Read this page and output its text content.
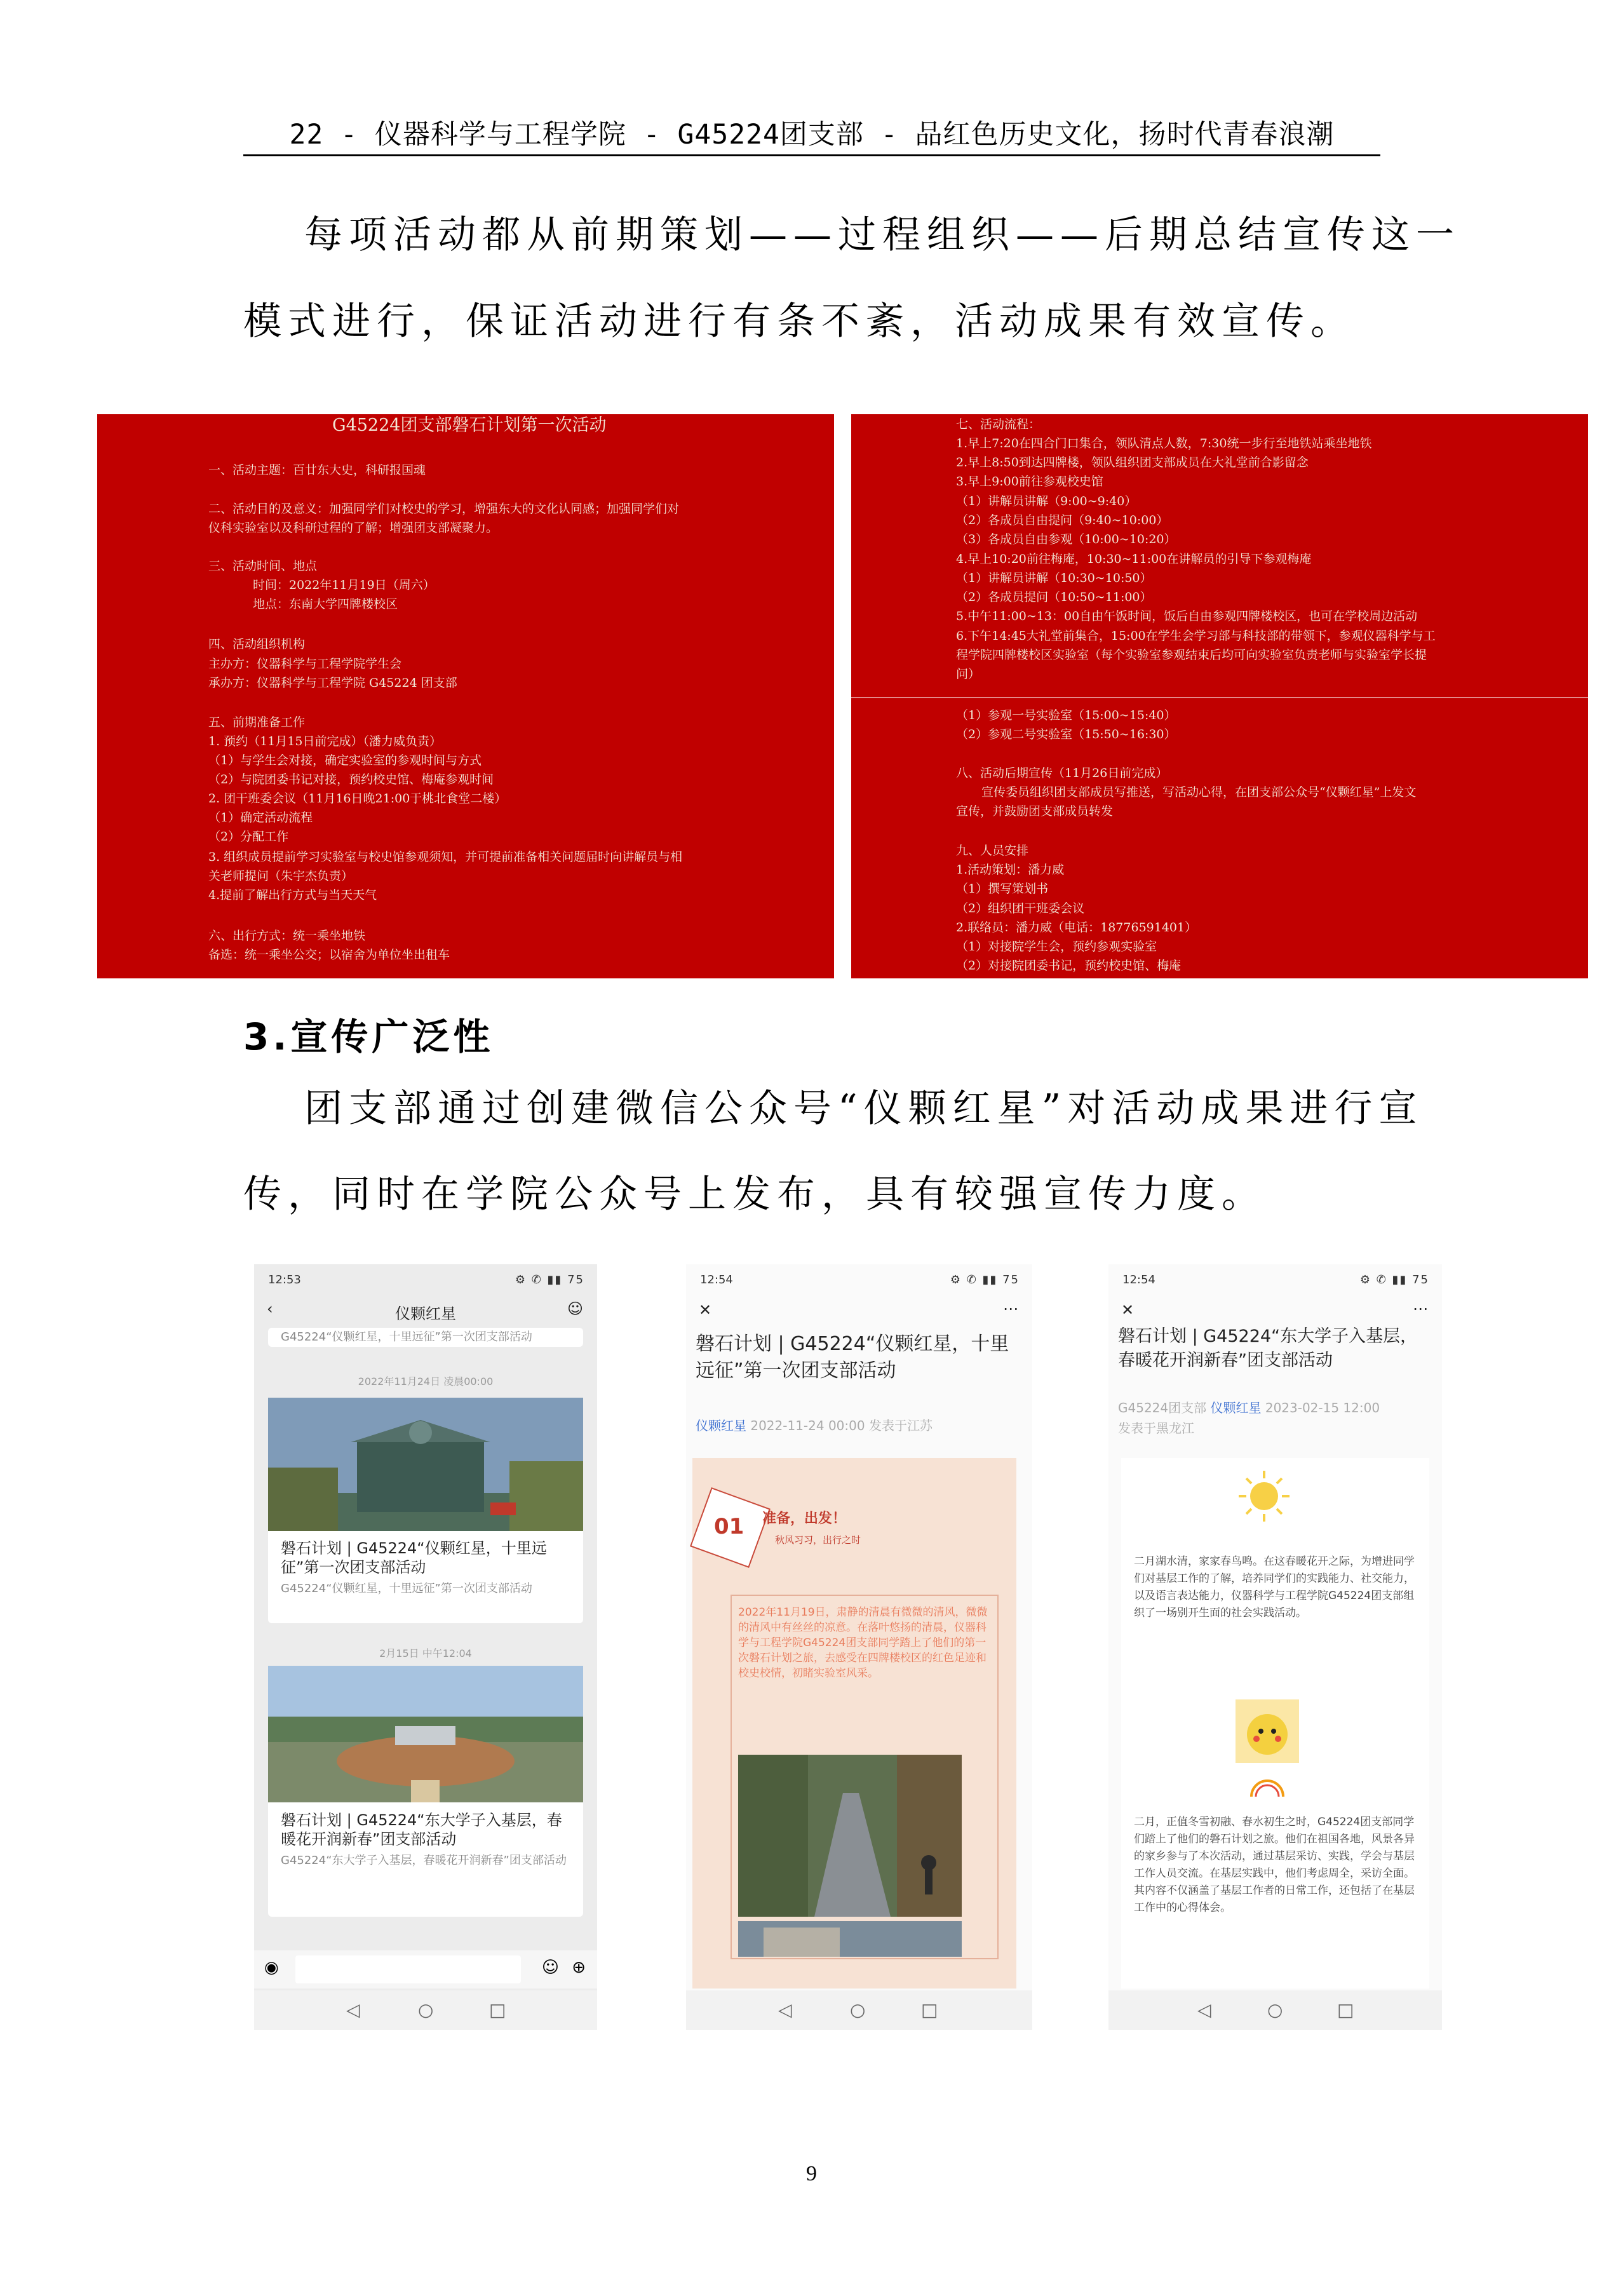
22 - 仪器科学与工程学院 - G45224团支部 - 品红色历史文化，扬时代青春浪潮
每项活动都从前期策划——过程组织——后期总结宣传这一
模式进行，保证活动进行有条不紊，活动成果有效宣传。
G45224团支部磐石计划第一次活动
一、活动主题：百廿东大史，科研报国魂
二、活动目的及意义：加强同学们对校史的学习，增强东大的文化认同感；加强同学们对
仪科实验室以及科研过程的了解；增强团支部凝聚力。
三、活动时间、地点
时间：2022年11月19日（周六）
地点：东南大学四牌楼校区
四、活动组织机构
主办方：仪器科学与工程学院学生会
承办方：仪器科学与工程学院 G45224 团支部
五、前期准备工作
1. 预约（11月15日前完成）（潘力威负责）
（1）与学生会对接，确定实验室的参观时间与方式
（2）与院团委书记对接，预约校史馆、梅庵参观时间
2. 团干班委会议（11月16日晚21:00于桃北食堂二楼）
（1）确定活动流程
（2）分配工作
3. 组织成员提前学习实验室与校史馆参观须知，并可提前准备相关问题届时向讲解员与相
关老师提问（朱宇杰负责）
4.提前了解出行方式与当天天气
六、出行方式：统一乘坐地铁
备选：统一乘坐公交；以宿舍为单位坐出租车
七、活动流程：
1.早上7:20在四合门口集合，领队清点人数，7:30统一步行至地铁站乘坐地铁
2.早上8:50到达四牌楼，领队组织团支部成员在大礼堂前合影留念
3.早上9:00前往参观校史馆
（1）讲解员讲解（9:00~9:40）
（2）各成员自由提问（9:40~10:00）
（3）各成员自由参观（10:00~10:20）
4.早上10:20前往梅庵，10:30~11:00在讲解员的引导下参观梅庵
（1）讲解员讲解（10:30~10:50）
（2）各成员提问（10:50~11:00）
5.中午11:00~13：00自由午饭时间，饭后自由参观四牌楼校区，也可在学校周边活动
6.下午14:45大礼堂前集合，15:00在学生会学习部与科技部的带领下，参观仪器科学与工
程学院四牌楼校区实验室（每个实验室参观结束后均可向实验室负责老师与实验室学长提
问）
（1）参观一号实验室（15:00~15:40）
（2）参观二号实验室（15:50~16:30）
八、活动后期宣传（11月26日前完成）
宣传委员组织团支部成员写推送，写活动心得，在团支部公众号“仪颗红星”上发文
宣传，并鼓励团支部成员转发
九、人员安排
1.活动策划：潘力威
（1）撰写策划书
（2）组织团干班委会议
2.联络员：潘力威（电话：18776591401）
（1）对接院学生会，预约参观实验室
（2）对接院团委书记，预约校史馆、梅庵
3.宣传广泛性
团支部通过创建微信公众号“仪颗红星”对活动成果进行宣
传，同时在学院公众号上发布，具有较强宣传力度。
12:53	⚙ ✆ ▮▮ 75
‹	仪颗红星	☺
G45224“仪颗红星，十里远征”第一次团支部活动
2022年11月24日 凌晨00:00
磐石计划 | G45224“仪颗红星，十里远征”第一次团支部活动
G45224“仪颗红星，十里远征”第一次团支部活动
2月15日 中午12:04
磐石计划 | G45224“东大学子入基层，春暖花开润新春”团支部活动
G45224“东大学子入基层，春暖花开润新春”团支部活动
◉	☺ ⊕
◁	○	□
12:54	⚙ ✆ ▮▮ 75
✕	⋯
磐石计划 | G45224“仪颗红星，十里远征”第一次团支部活动
仪颗红星 2022-11-24 00:00 发表于江苏
01 准备，出发！
秋风习习，出行之时
2022年11月19日，肃静的清晨有微微的清风，微微的清风中有丝丝的凉意。在落叶悠扬的清晨，仪器科学与工程学院G45224团支部同学踏上了他们的第一次磐石计划之旅，去感受在四牌楼校区的红色足迹和校史校情，初睹实验室风采。
◁	○	□
12:54	⚙ ✆ ▮▮ 75
✕	⋯
磐石计划 | G45224“东大学子入基层，春暖花开润新春”团支部活动
G45224团支部 仪颗红星 2023-02-15 12:00
发表于黑龙江
二月湖水清，家家春鸟鸣。在这春暖花开之际，为增进同学们对基层工作的了解，培养同学们的实践能力、社交能力，以及语言表达能力，仪器科学与工程学院G45224团支部组织了一场别开生面的社会实践活动。
二月，正值冬雪初融、春水初生之时，G45224团支部同学们踏上了他们的磐石计划之旅。他们在祖国各地，风景各异的家乡参与了本次活动，通过基层采访、实践，学会与基层工作人员交流。在基层实践中，他们考虑周全，采访全面。其内容不仅涵盖了基层工作者的日常工作，还包括了在基层工作中的心得体会。
◁	○	□
9
